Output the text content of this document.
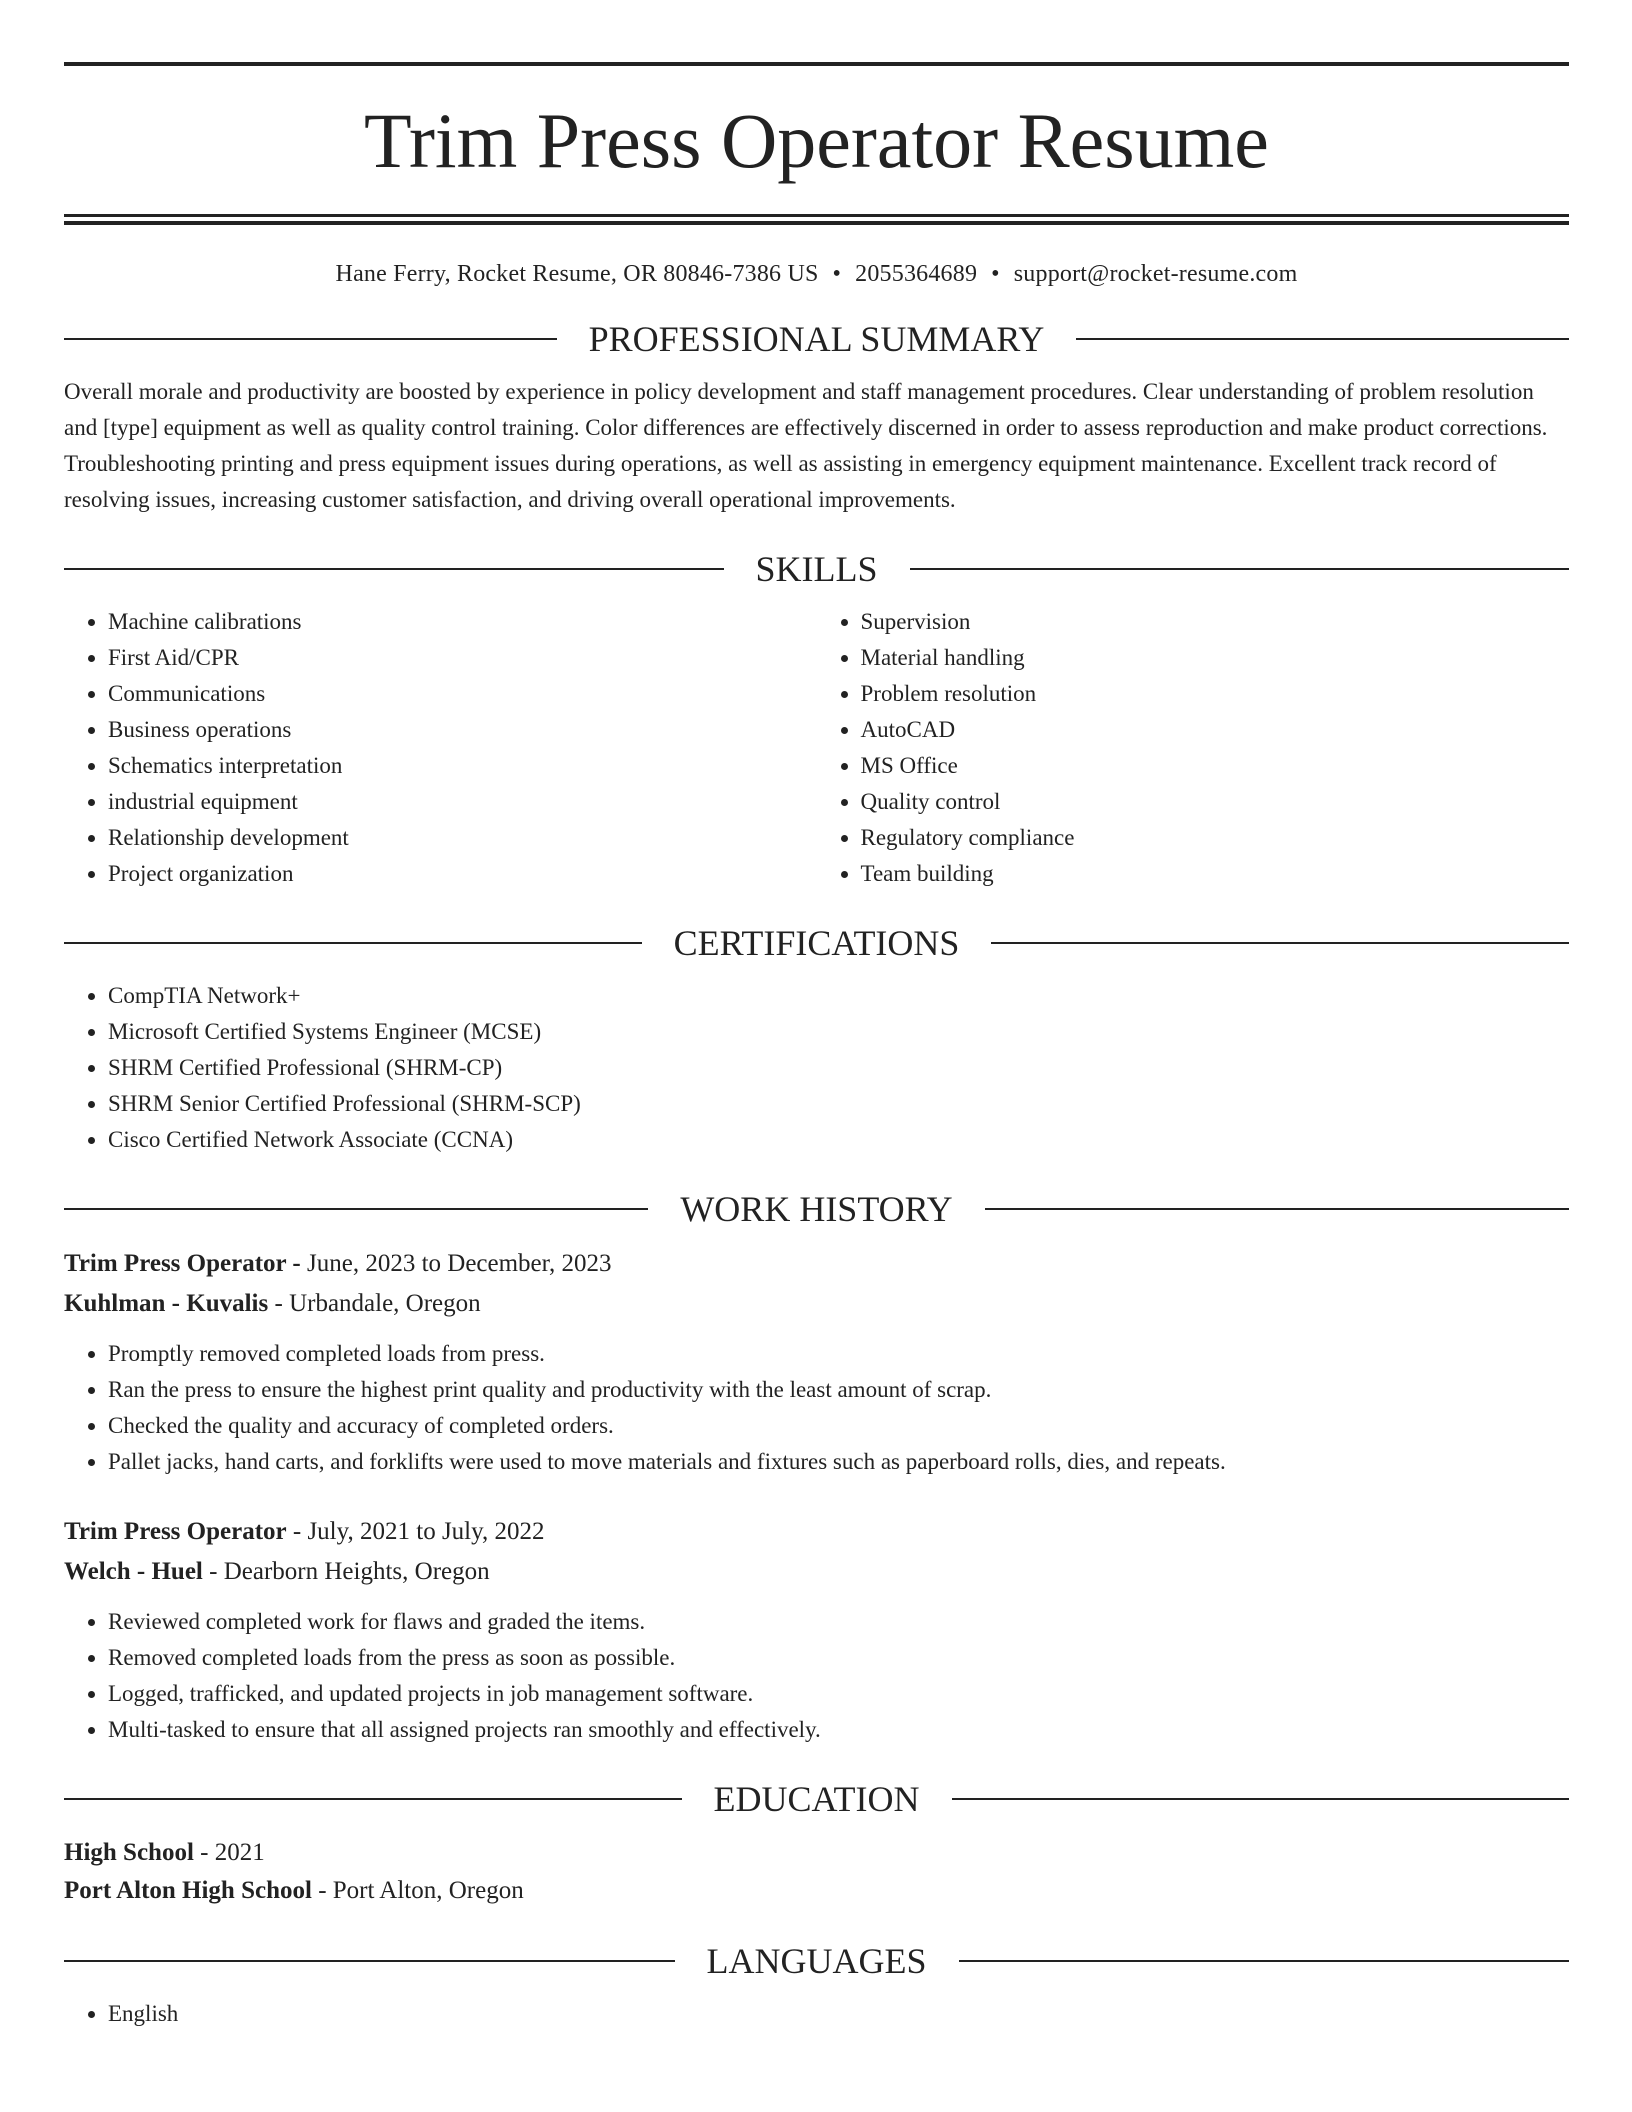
Trim Press Operator Resume
Hane Ferry, Rocket Resume, OR 80846-7386 US • 2055364689 • support@rocket-resume.com
PROFESSIONAL SUMMARY

Overall morale and productivity are boosted by experience in policy development and staff management procedures. Clear understanding of problem resolution and [type] equipment as well as quality control training. Color differences are effectively discerned in order to assess reproduction and make product corrections. Troubleshooting printing and press equipment issues during operations, as well as assisting in emergency equipment maintenance. Excellent track record of resolving issues, increasing customer satisfaction, and driving overall operational improvements.

SKILLS
• Machine calibrations
• First Aid/CPR
• Communications
• Business operations
• Schematics interpretation
• industrial equipment
• Relationship development
• Project organization
• Supervision
• Material handling
• Problem resolution
• AutoCAD
• MS Office
• Quality control
• Regulatory compliance
• Team building
CERTIFICATIONS
• CompTIA Network+
• Microsoft Certified Systems Engineer (MCSE)
• SHRM Certified Professional (SHRM-CP)
• SHRM Senior Certified Professional (SHRM-SCP)
• Cisco Certified Network Associate (CCNA)
WORK HISTORY
Trim Press Operator - June, 2023 to December, 2023
Kuhlman - Kuvalis - Urbandale, Oregon
• Promptly removed completed loads from press.
• Ran the press to ensure the highest print quality and productivity with the least amount of scrap.
• Checked the quality and accuracy of completed orders.
• Pallet jacks, hand carts, and forklifts were used to move materials and fixtures such as paperboard rolls, dies, and repeats.
Trim Press Operator - July, 2021 to July, 2022
Welch - Huel - Dearborn Heights, Oregon
• Reviewed completed work for flaws and graded the items.
• Removed completed loads from the press as soon as possible.
• Logged, trafficked, and updated projects in job management software.
• Multi-tasked to ensure that all assigned projects ran smoothly and effectively.
EDUCATION
High School - 2021
Port Alton High School - Port Alton, Oregon
LANGUAGES
• English
